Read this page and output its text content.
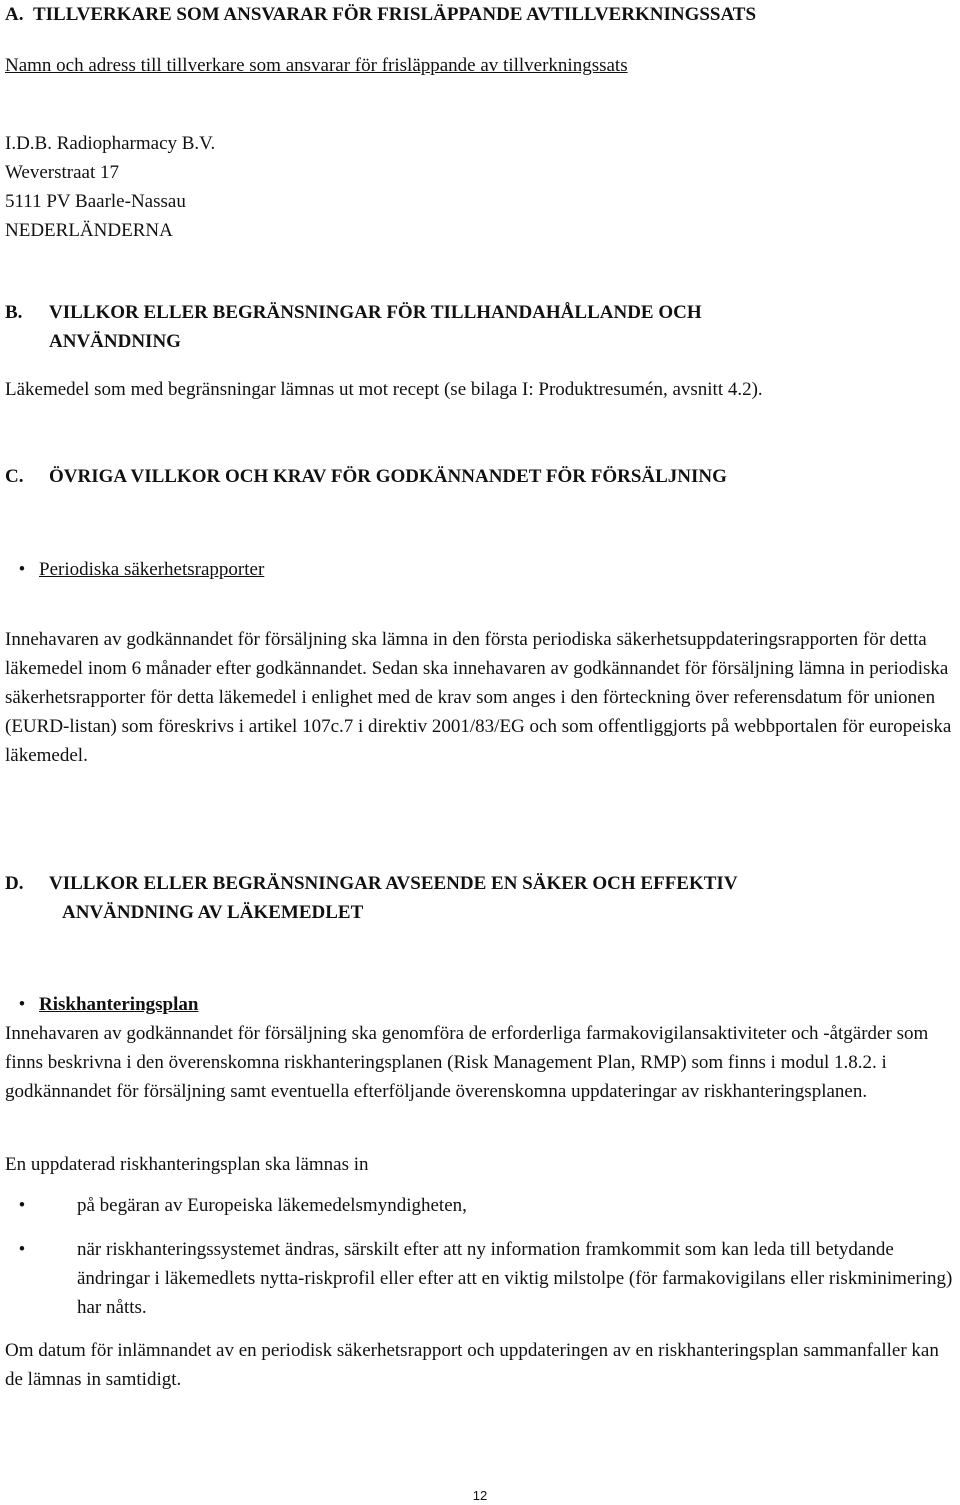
A.  TILLVERKARE SOM ANSVARAR FÖR FRISLÄPPANDE AVTILLVERKNINGSSATS
Namn och adress till tillverkare som ansvarar för frisläppande av tillverkningssats
I.D.B. Radiopharmacy B.V.
Weverstraat 17
5111 PV Baarle-Nassau
NEDERLÄNDERNA
B. VILLKOR ELLER BEGRÄNSNINGAR FÖR TILLHANDAHÅLLANDE OCH
ANVÄNDNING
Läkemedel som med begränsningar lämnas ut mot recept (se bilaga I: Produktresumén, avsnitt 4.2).
C. ÖVRIGA VILLKOR OCH KRAV FÖR GODKÄNNANDET FÖR FÖRSÄLJNING
• Periodiska säkerhetsrapporter
Innehavaren av godkännandet för försäljning ska lämna in den första periodiska säkerhetsuppdateringsrapporten för detta läkemedel inom 6 månader efter godkännandet. Sedan ska innehavaren av godkännandet för försäljning lämna in periodiska säkerhetsrapporter för detta läkemedel i enlighet med de krav som anges i den förteckning över referensdatum för unionen (EURD-listan) som föreskrivs i artikel 107c.7 i direktiv 2001/83/EG och som offentliggjorts på webbportalen för europeiska läkemedel.
D. VILLKOR ELLER BEGRÄNSNINGAR AVSEENDE EN SÄKER OCH EFFEKTIV
ANVÄNDNING AV LÄKEMEDLET
• Riskhanteringsplan
Innehavaren av godkännandet för försäljning ska genomföra de erforderliga farmakovigilansaktiviteter och -åtgärder som finns beskrivna i den överenskomna riskhanteringsplanen (Risk Management Plan, RMP) som finns i modul 1.8.2. i godkännandet för försäljning samt eventuella efterföljande överenskomna uppdateringar av riskhanteringsplanen.
En uppdaterad riskhanteringsplan ska lämnas in
•	på begäran av Europeiska läkemedelsmyndigheten,
•	när riskhanteringssystemet ändras, särskilt efter att ny information framkommit som kan leda till betydande ändringar i läkemedlets nytta-riskprofil eller efter att en viktig milstolpe (för farmakovigilans eller riskminimering) har nåtts.
Om datum för inlämnandet av en periodisk säkerhetsrapport och uppdateringen av en riskhanteringsplan sammanfaller kan de lämnas in samtidigt.
12
